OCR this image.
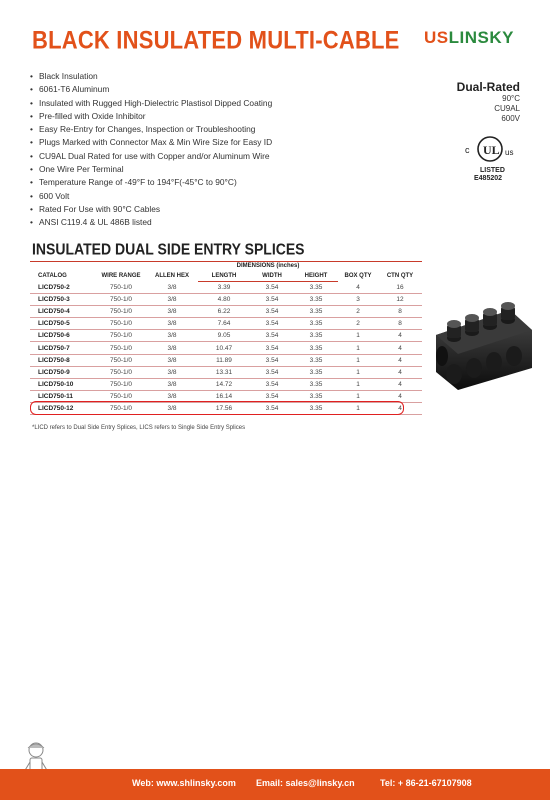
BLACK INSULATED MULTI-CABLE USLINSKY
• Black Insulation
• 6061-T6 Aluminum
• Insulated with Rugged High-Dielectric Plastisol Dipped Coating
• Pre-filled with Oxide Inhibitor
• Easy Re-Entry for Changes, Inspection or Troubleshooting
• Plugs Marked with Connector Max & Min Wire Size for Easy ID
• CU9AL Dual Rated for use with Copper and/or Aluminum Wire
• One Wire Per Terminal
• Temperature Range of -49°F to 194°F(-45°C to 90°C)
• 600 Volt
• Rated For Use with 90°C Cables
• ANSI C119.4 & UL 486B listed
Dual-Rated
90°C
CU9AL
600V
c UL us
LISTED
E485202
INSULATED DUAL SIDE ENTRY SPLICES
CATALOG	WIRE RANGE	ALLEN HEX	DIMENSIONS (inches)			BOX QTY	CTN QTY
			LENGTH	WIDTH	HEIGHT		
LICD750-2	750-1/0	3/8	3.39	3.54	3.35	4	16
LICD750-3	750-1/0	3/8	4.80	3.54	3.35	3	12
LICD750-4	750-1/0	3/8	6.22	3.54	3.35	2	8
LICD750-5	750-1/0	3/8	7.64	3.54	3.35	2	8
LICD750-6	750-1/0	3/8	9.05	3.54	3.35	1	4
LICD750-7	750-1/0	3/8	10.47	3.54	3.35	1	4
LICD750-8	750-1/0	3/8	11.89	3.54	3.35	1	4
LICD750-9	750-1/0	3/8	13.31	3.54	3.35	1	4
LICD750-10	750-1/0	3/8	14.72	3.54	3.35	1	4
LICD750-11	750-1/0	3/8	16.14	3.54	3.35	1	4
LICD750-12	750-1/0	3/8	17.56	3.54	3.35	1	4
*LICD refers to Dual Side Entry Splices, LICS refers to Single Side Entry Splices
Web: www.shlinsky.com Email: sales@linsky.cn	Tel: + 86-21-67107908
